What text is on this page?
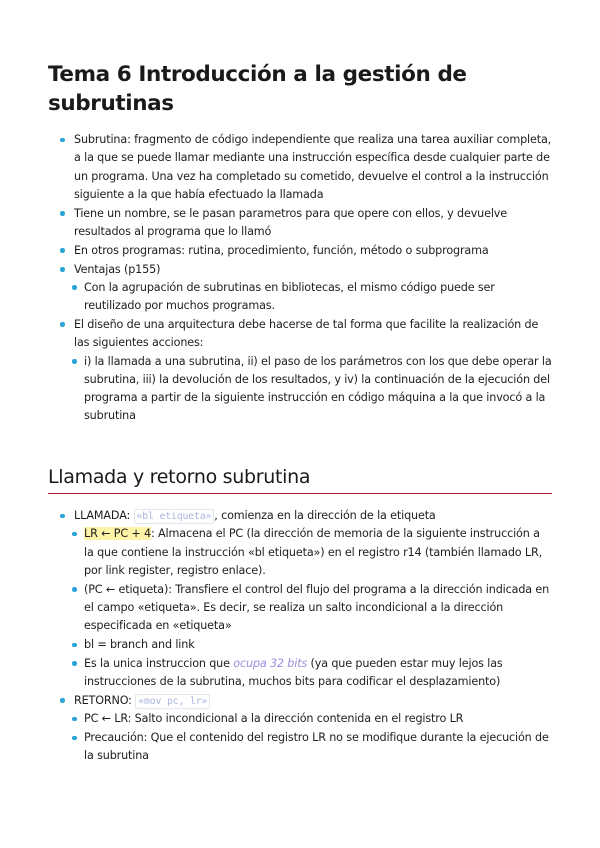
Tema 6 Introducción a la gestión de subrutinas
Subrutina: fragmento de código independiente que realiza una tarea auxiliar completa, a la que se puede llamar mediante una instrucción específica desde cualquier parte de un programa. Una vez ha completado su cometido, devuelve el control a la instrucción siguiente a la que había efectuado la llamada
Tiene un nombre, se le pasan parametros para que opere con ellos, y devuelve resultados al programa que lo llamó
En otros programas: rutina, procedimiento, función, método o subprograma
Ventajas (p155)
Con la agrupación de subrutinas en bibliotecas, el mismo código puede ser reutilizado por muchos programas.
El diseño de una arquitectura debe hacerse de tal forma que facilite la realización de las siguientes acciones:
i) la llamada a una subrutina, ii) el paso de los parámetros con los que debe operar la subrutina, iii) la devolución de los resultados, y iv) la continuación de la ejecución del programa a partir de la siguiente instrucción en código máquina a la que invocó a la subrutina
Llamada y retorno subrutina
LLAMADA: «bl etiqueta» , comienza en la dirección de la etiqueta
LR ← PC + 4: Almacena el PC (la dirección de memoria de la siguiente instrucción a la que contiene la instrucción «bl etiqueta») en el registro r14 (también llamado LR, por link register, registro enlace).
(PC ← etiqueta): Transfiere el control del flujo del programa a la dirección indicada en el campo «etiqueta». Es decir, se realiza un salto incondicional a la dirección especificada en «etiqueta»
bl = branch and link
Es la unica instruccion que ocupa 32 bits (ya que pueden estar muy lejos las instrucciones de la subrutina, muchos bits para codificar el desplazamiento)
RETORNO: «mov pc, lr»
PC ← LR: Salto incondicional a la dirección contenida en el registro LR
Precaución: Que el contenido del registro LR no se modifique durante la ejecución de la subrutina
